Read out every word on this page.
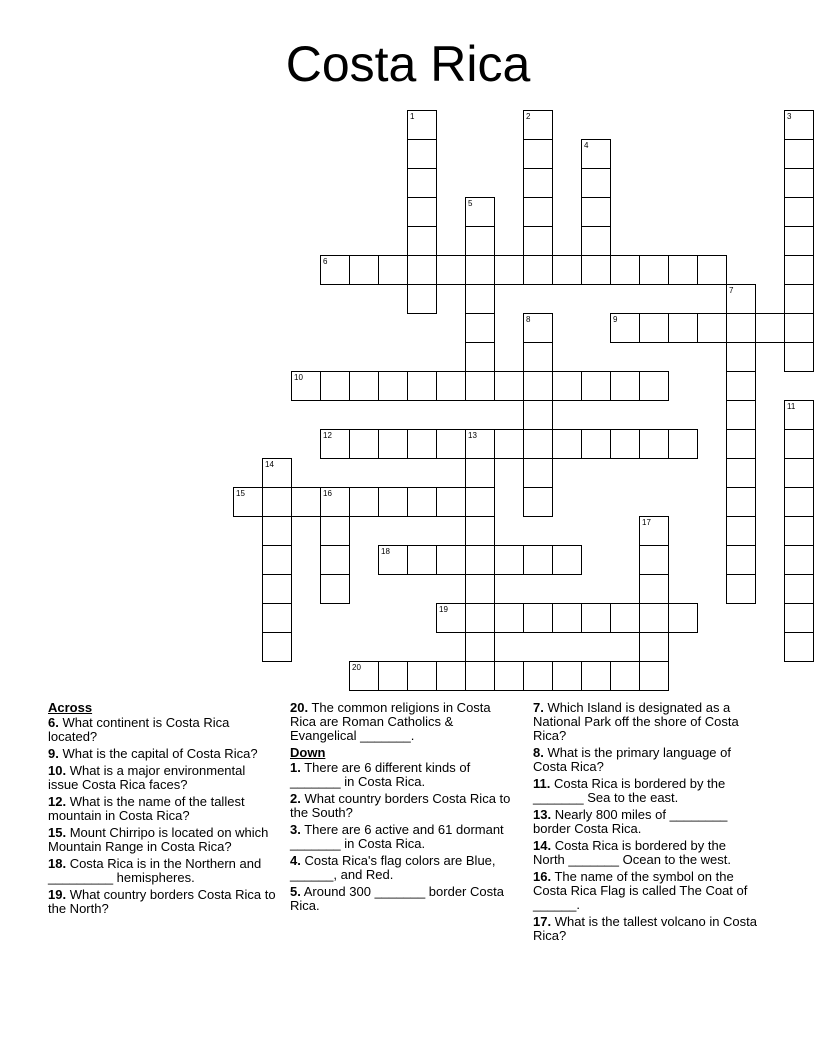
Costa Rica
1	2	3
4
5
6
7
8	9
10
11
12	13
14
15	16
17
18
19
20
Across
6. What continent is Costa Rica located?
9. What is the capital of Costa Rica?
10. What is a major environmental issue Costa Rica faces?
12. What is the name of the tallest mountain in Costa Rica?
15. Mount Chirripo is located on which Mountain Range in Costa Rica?
18. Costa Rica is in the Northern and _________ hemispheres.
19. What country borders Costa Rica to the North?
20. The common religions in Costa Rica are Roman Catholics & Evangelical _______.
Down
1. There are 6 different kinds of _______ in Costa Rica.
2. What country borders Costa Rica to the South?
3. There are 6 active and 61 dormant _______ in Costa Rica.
4. Costa Rica's flag colors are Blue, ______, and Red.
5. Around 300 _______ border Costa Rica.
7. Which Island is designated as a National Park off the shore of Costa Rica?
8. What is the primary language of Costa Rica?
11. Costa Rica is bordered by the _______ Sea to the east.
13. Nearly 800 miles of ________ border Costa Rica.
14. Costa Rica is bordered by the North _______ Ocean to the west.
16. The name of the symbol on the Costa Rica Flag is called The Coat of ______.
17. What is the tallest volcano in Costa Rica?
